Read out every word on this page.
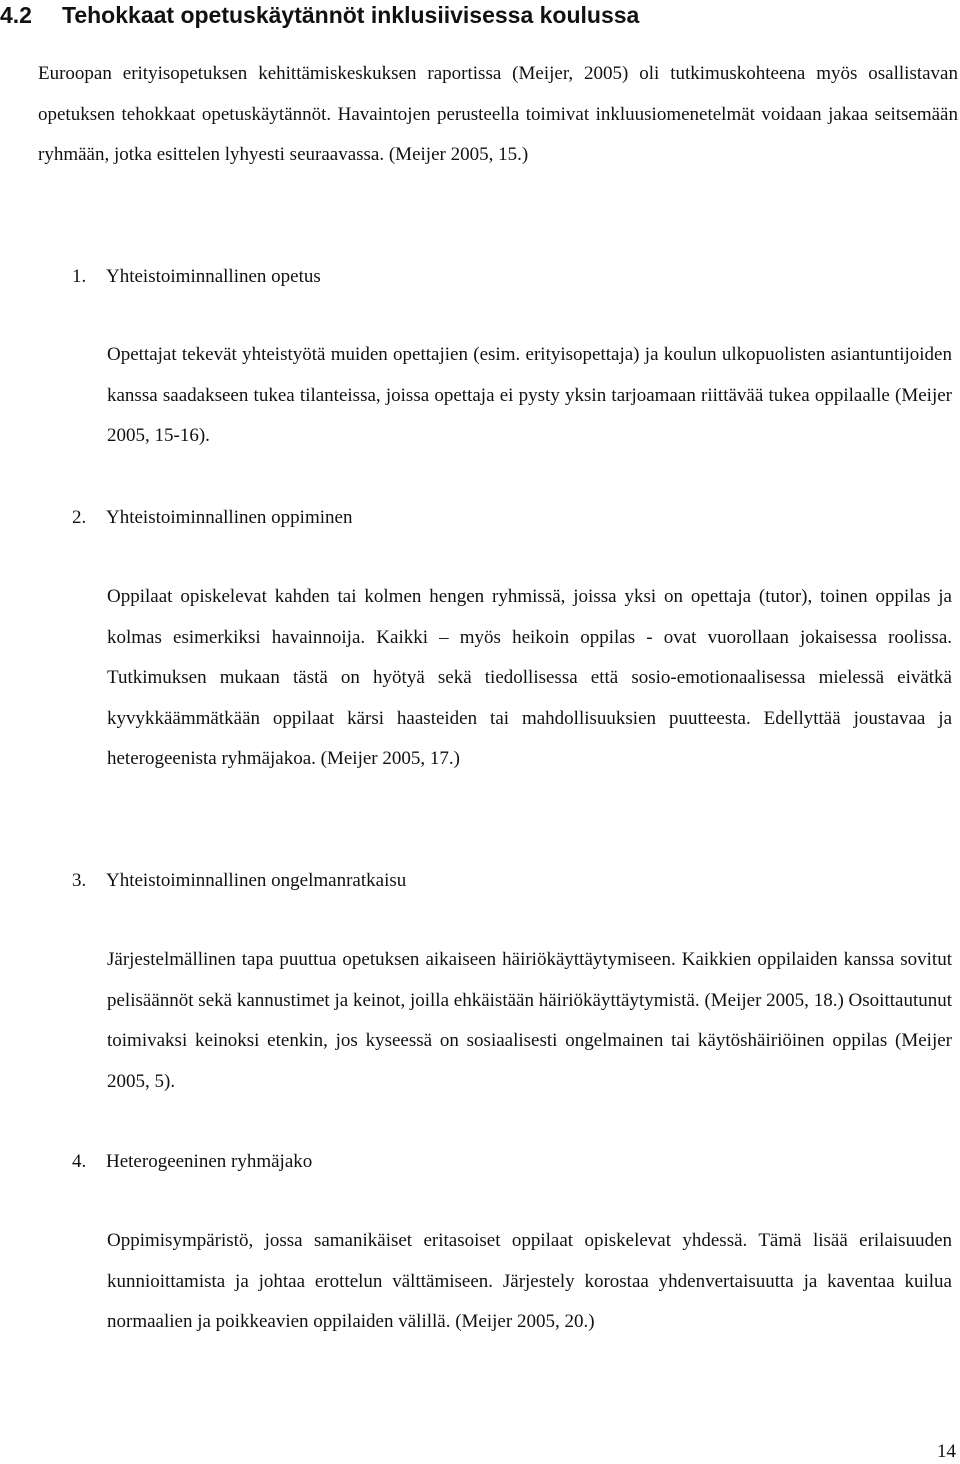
4.2 Tehokkaat opetuskäytännöt inklusiivisessa koulussa

Euroopan erityisopetuksen kehittämiskeskuksen raportissa (Meijer, 2005) oli tutkimuskohteena myös osallistavan opetuksen tehokkaat opetuskäytännöt. Havaintojen perusteella toimivat inkluusiomenetelmät voidaan jakaa seitsemään ryhmään, jotka esittelen lyhyesti seuraavassa. (Meijer 2005, 15.)

1. Yhteistoiminnallinen opetus

Opettajat tekevät yhteistyötä muiden opettajien (esim. erityisopettaja) ja koulun ulkopuolisten asiantuntijoiden kanssa saadakseen tukea tilanteissa, joissa opettaja ei pysty yksin tarjoamaan riittävää tukea oppilaalle (Meijer 2005, 15-16).

2. Yhteistoiminnallinen oppiminen

Oppilaat opiskelevat kahden tai kolmen hengen ryhmissä, joissa yksi on opettaja (tutor), toinen oppilas ja kolmas esimerkiksi havainnoija. Kaikki – myös heikoin oppilas - ovat vuorollaan jokaisessa roolissa. Tutkimuksen mukaan tästä on hyötyä sekä tiedollisessa että sosio-emotionaalisessa mielessä eivätkä kyvykkäämmätkään oppilaat kärsi haasteiden tai mahdollisuuksien puutteesta. Edellyttää joustavaa ja heterogeenista ryhmäjakoa. (Meijer 2005, 17.)

3. Yhteistoiminnallinen ongelmanratkaisu

Järjestelmällinen tapa puuttua opetuksen aikaiseen häiriökäyttäytymiseen. Kaikkien oppilaiden kanssa sovitut pelisäännöt sekä kannustimet ja keinot, joilla ehkäistään häiriökäyttäytymistä. (Meijer 2005, 18.) Osoittautunut toimivaksi keinoksi etenkin, jos kyseessä on sosiaalisesti ongelmainen tai käytöshäiriöinen oppilas (Meijer 2005, 5).

4. Heterogeeninen ryhmäjako

Oppimisympäristö, jossa samanikäiset eritasoiset oppilaat opiskelevat yhdessä. Tämä lisää erilaisuuden kunnioittamista ja johtaa erottelun välttämiseen. Järjestely korostaa yhdenvertaisuutta ja kaventaa kuilua normaalien ja poikkeavien oppilaiden välillä. (Meijer 2005, 20.)

14
